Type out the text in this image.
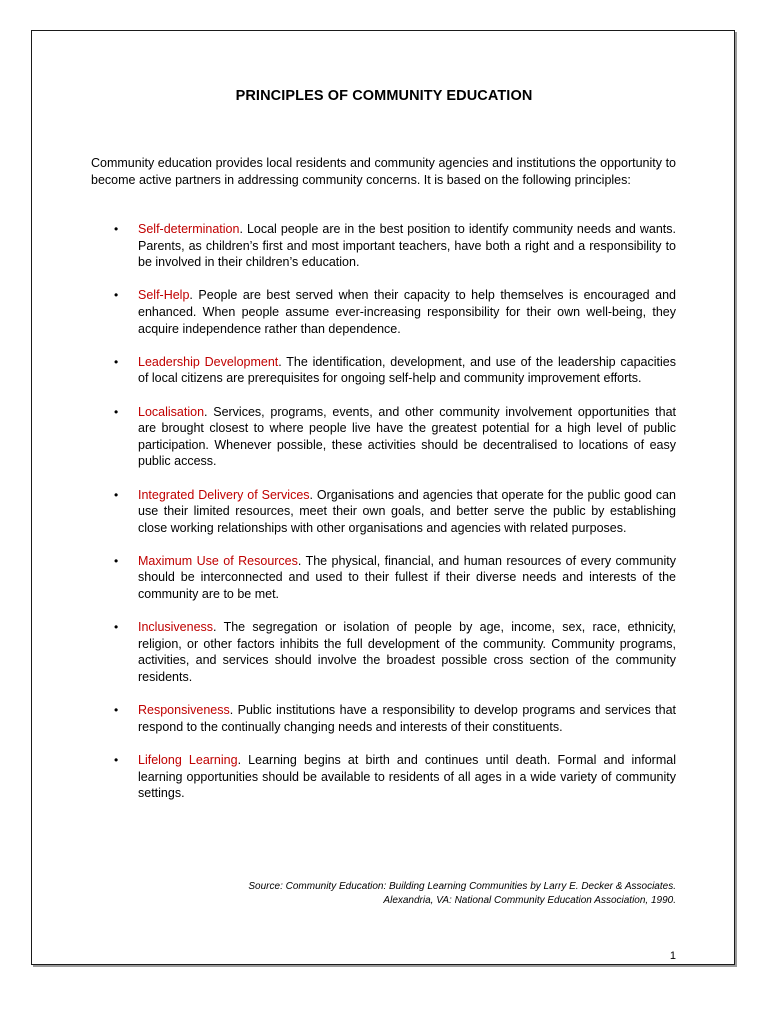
PRINCIPLES OF COMMUNITY EDUCATION

Community education provides local residents and community agencies and institutions the opportunity to become active partners in addressing community concerns. It is based on the following principles:

• Self-determination. Local people are in the best position to identify community needs and wants. Parents, as children’s first and most important teachers, have both a right and a responsibility to be involved in their children’s education.
• Self-Help. People are best served when their capacity to help themselves is encouraged and enhanced. When people assume ever-increasing responsibility for their own well-being, they acquire independence rather than dependence.
• Leadership Development. The identification, development, and use of the leadership capacities of local citizens are prerequisites for ongoing self-help and community improvement efforts.
• Localisation. Services, programs, events, and other community involvement opportunities that are brought closest to where people live have the greatest potential for a high level of public participation. Whenever possible, these activities should be decentralised to locations of easy public access.
• Integrated Delivery of Services. Organisations and agencies that operate for the public good can use their limited resources, meet their own goals, and better serve the public by establishing close working relationships with other organisations and agencies with related purposes.
• Maximum Use of Resources. The physical, financial, and human resources of every community should be interconnected and used to their fullest if their diverse needs and interests of the community are to be met.
• Inclusiveness. The segregation or isolation of people by age, income, sex, race, ethnicity, religion, or other factors inhibits the full development of the community. Community programs, activities, and services should involve the broadest possible cross section of the community residents.
• Responsiveness. Public institutions have a responsibility to develop programs and services that respond to the continually changing needs and interests of their constituents.
• Lifelong Learning. Learning begins at birth and continues until death. Formal and informal learning opportunities should be available to residents of all ages in a wide variety of community settings.
Source: Community Education: Building Learning Communities by Larry E. Decker & Associates.
Alexandria, VA: National Community Education Association, 1990.
1
